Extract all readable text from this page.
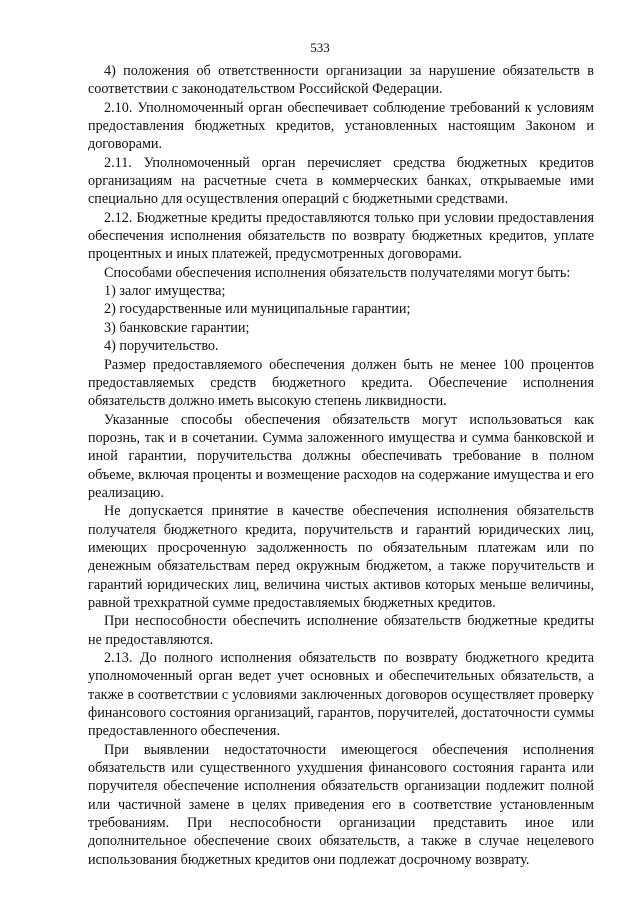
533

4) положения об ответственности организации за нарушение обязательств в соответствии с законодательством Российской Федерации.

2.10. Уполномоченный орган обеспечивает соблюдение требований к условиям предоставления бюджетных кредитов, установленных настоящим Законом и договорами.

2.11. Уполномоченный орган перечисляет средства бюджетных кредитов организациям на расчетные счета в коммерческих банках, открываемые ими специально для осуществления операций с бюджетными средствами.

2.12. Бюджетные кредиты предоставляются только при условии предоставления обеспечения исполнения обязательств по возврату бюджетных кредитов, уплате процентных и иных платежей, предусмотренных договорами.

Способами обеспечения исполнения обязательств получателями могут быть:

1) залог имущества;

2) государственные или муниципальные гарантии;

3) банковские гарантии;

4) поручительство.

Размер предоставляемого обеспечения должен быть не менее 100 процентов предоставляемых средств бюджетного кредита. Обеспечение исполнения обязательств должно иметь высокую степень ликвидности.

Указанные способы обеспечения обязательств могут использоваться как порознь, так и в сочетании. Сумма заложенного имущества и сумма банковской и иной гарантии, поручительства должны обеспечивать требование в полном объеме, включая проценты и возмещение расходов на содержание имущества и его реализацию.

Не допускается принятие в качестве обеспечения исполнения обязательств получателя бюджетного кредита, поручительств и гарантий юридических лиц, имеющих просроченную задолженность по обязательным платежам или по денежным обязательствам перед окружным бюджетом, а также поручительств и гарантий юридических лиц, величина чистых активов которых меньше величины, равной трехкратной сумме предоставляемых бюджетных кредитов.

При неспособности обеспечить исполнение обязательств бюджетные кредиты не предоставляются.

2.13. До полного исполнения обязательств по возврату бюджетного кредита уполномоченный орган ведет учет основных и обеспечительных обязательств, а также в соответствии с условиями заключенных договоров осуществляет проверку финансового состояния организаций, гарантов, поручителей, достаточности суммы предоставленного обеспечения.

При выявлении недостаточности имеющегося обеспечения исполнения обязательств или существенного ухудшения финансового состояния гаранта или поручителя обеспечение исполнения обязательств организации подлежит полной или частичной замене в целях приведения его в соответствие установленным требованиям. При неспособности организации представить иное или дополнительное обеспечение своих обязательств, а также в случае нецелевого использования бюджетных кредитов они подлежат досрочному возврату.
